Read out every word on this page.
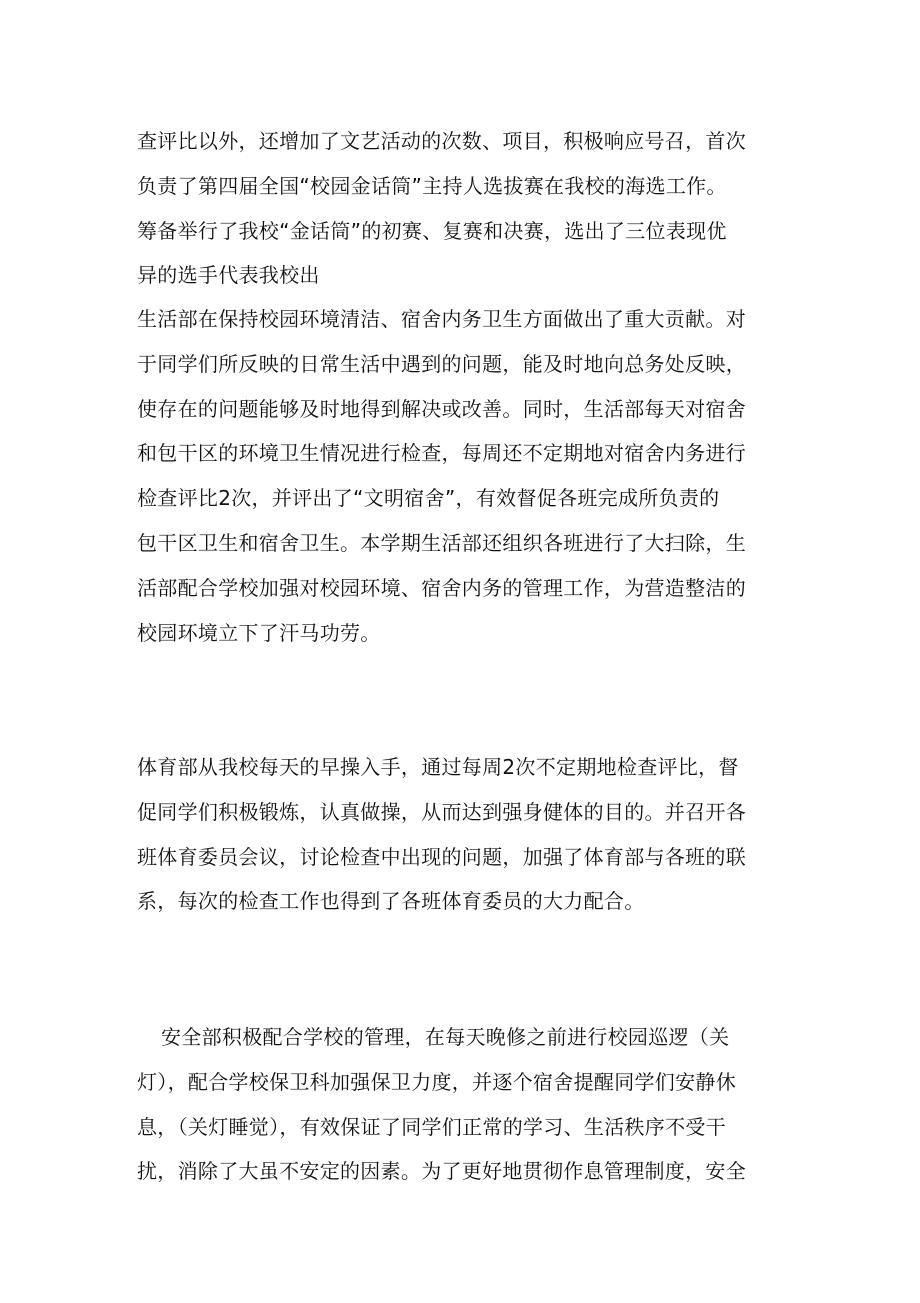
查评比以外，还增加了文艺活动的次数、项目，积极响应号召，首次
负责了第四届全国“校园金话筒”主持人选拔赛在我校的海选工作。
筹备举行了我校“金话筒”的初赛、复赛和决赛，选出了三位表现优
异的选手代表我校出
生活部在保持校园环境清洁、宿舍内务卫生方面做出了重大贡献。对
于同学们所反映的日常生活中遇到的问题，能及时地向总务处反映，
使存在的问题能够及时地得到解决或改善。同时，生活部每天对宿舍
和包干区的环境卫生情况进行检查，每周还不定期地对宿舍内务进行
检查评比2次，并评出了“文明宿舍”，有效督促各班完成所负责的
包干区卫生和宿舍卫生。本学期生活部还组织各班进行了大扫除，生
活部配合学校加强对校园环境、宿舍内务的管理工作，为营造整洁的
校园环境立下了汗马功劳。
体育部从我校每天的早操入手，通过每周2次不定期地检查评比，督
促同学们积极锻炼，认真做操，从而达到强身健体的目的。并召开各
班体育委员会议，讨论检查中出现的问题，加强了体育部与各班的联
系，每次的检查工作也得到了各班体育委员的大力配合。
安全部积极配合学校的管理，在每天晚修之前进行校园巡逻（关
灯），配合学校保卫科加强保卫力度，并逐个宿舍提醒同学们安静休
息，（关灯睡觉），有效保证了同学们正常的学习、生活秩序不受干
扰，消除了大虽不安定的因素。为了更好地贯彻作息管理制度，安全
